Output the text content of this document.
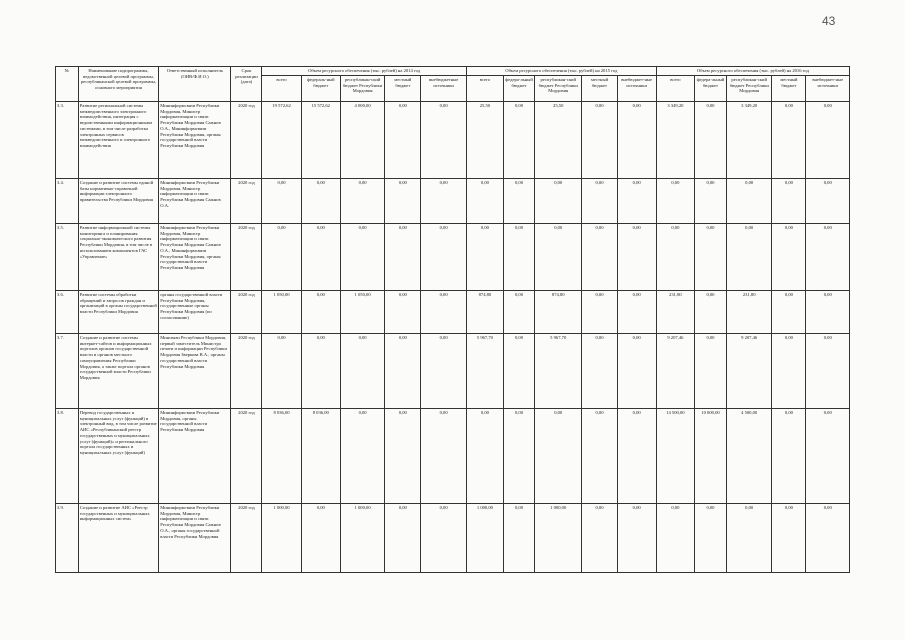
43
№	Наименование подпрограммы, ведомственной целевой программы, республиканской целевой программы, основного мероприятия	Ответственный исполнитель (ОИВ/Ф.И.О.)	Срок реализации (дата)	Объем ресурсного обеспечения (тыс. рублей) на 2014 год					Объем ресурсного обеспечения (тыс. рублей) на 2015 год					Объем ресурсного обеспечения (тыс. рублей) на 2016 год				
				всего	федераль-ный бюджет	республикан-ский бюджет Республики Мордовия	местный бюджет	внебюджетные источники	всего	федера-льный бюджет	республикан-ский бюджет Республики Мордовия	местный бюджет	внебюджет-ные источники	всего	федера-льный бюджет	республикан-ский бюджет Республики Мордовия	местный бюджет	внебюджет-ные источники
3.3.	Развитие региональной системы межведомственного электронного взаимодействия, интеграция с ведомственными информационными системами, в том числе разработка электронных сервисов межведомственного и электронного взаимодействия	Мининформсвязи Республики Мордовия, Министр информатизации и связи Республики Мордовия Сажнов О.А., Мининформсвязи Республики Мордовия, органы государственной власти Республики Мордовия	2020 год	19 572,62	15 572,62	4 000,00	0,00	0,00	25,50	0,00	25,50	0,00	0,00	3 349,20	0,00	3 349,20	0,00	0,00
3.4.	Создание и развитие системы единой базы нормативно-справочной информации электронного правительства Республики Мордовия	Мининформсвязи Республики Мордовия, Министр информатизации и связи Республики Мордовия Сажнов О.А.	2020 год	0,00	0,00	0,00	0,00	0,00	0,00	0,00	0,00	0,00	0,00	0,00	0,00	0,00	0,00	0,00
3.5.	Развитие информационной системы мониторинга и планирования социально-экономического развития Республики Мордовия, в том числе в использованием компонентов ГАС «Управление»	Мининформсвязи Республики Мордовия, Министр информатизации и связи Республики Мордовия Сажнов О.А., Мининформсвязи Республики Мордовия, органы государственной власти Республики Мордовия	2020 год	0,00	0,00	0,00	0,00	0,00	0,00	0,00	0,00	0,00	0,00	0,00	0,00	0,00	0,00	0,00
3.6.	Развитие системы обработки обращений и запросов граждан и организаций в органы государственной власти Республики Мордовия	органы государственной власти Республики Мордовия, государственные органы Республики Мордовия (по согласованию)	2020 год	1 050,00	0,00	1 050,00	0,00	0,00	874,80	0,00	874,80	0,00	0,00	231,80	0,00	231,80	0,00	0,00
3.7.	Создание и развитие системы интернет-сайтов и информационных порталов органов государственной власти и органов местного самоуправления Республики Мордовия, а также портала органов государственной власти Республики Мордовия	Минсвязи Республики Мордовия, первый заместитель Министра печати и информации Республики Мордовия Зверкова В.А., органы государственной власти Республики Мордовия	2020 год	0,00	0,00	0,00	0,00	0,00	5 967,70	0,00	5 967,70	0,00	0,00	9 207,46	0,00	9 207,46	0,00	0,00
3.8.	Перевод государственных и муниципальных услуг (функций) в электронный вид, в том числе развитие АИС «Республиканский реестр государственных и муниципальных услуг (функций)» и регионального портала государственных и муниципальных услуг (функций)	Мининформсвязи Республики Мордовия, органы государственной власти Республики Мордовия	2020 год	8 036,00	8 036,00	0,00	0,00	0,00	0,00	0,00	0,00	0,00	0,00	14 500,00	10 000,00	4 500,00	0,00	0,00
3.9.	Создание и развитие АИС «Реестр государственных и муниципальных информационных систем»	Мининформсвязи Республики Мордовия, Министр информатизации и связи Республики Мордовия Сажнов О.А., органы государственной власти Республики Мордовия	2020 год	1 000,00	0,00	1 000,00	0,00	0,00	1 000,00	0,00	1 000,00	0,00	0,00	0,00	0,00	0,00	0,00	0,00
